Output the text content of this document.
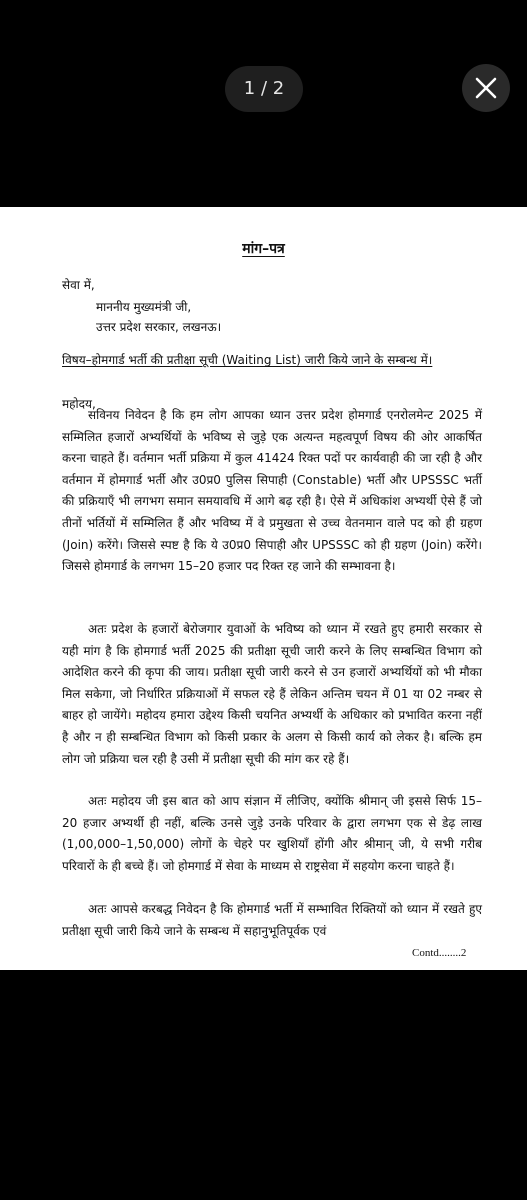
1 / 2
मांग–पत्र
सेवा में,
माननीय मुख्यमंत्री जी,
उत्तर प्रदेश सरकार, लखनऊ।
विषय–होमगार्ड भर्ती की प्रतीक्षा सूची (Waiting List) जारी किये जाने के सम्बन्ध में।
महोदय,

सविनय निवेदन है कि हम लोग आपका ध्यान उत्तर प्रदेश होमगार्ड एनरोलमेन्ट 2025 में सम्मिलित हजारों अभ्यर्थियों के भविष्य से जुड़े एक अत्यन्त महत्वपूर्ण विषय की ओर आकर्षित करना चाहते हैं। वर्तमान भर्ती प्रक्रिया में कुल 41424 रिक्त पदों पर कार्यवाही की जा रही है और वर्तमान में होमगार्ड भर्ती और उ0प्र0 पुलिस सिपाही (Constable) भर्ती और UPSSSC भर्ती की प्रक्रियाएँ भी लगभग समान समयावधि में आगे बढ़ रही है। ऐसे में अधिकांश अभ्यर्थी ऐसे हैं जो तीनों भर्तियों में सम्मिलित हैं और भविष्य में वे प्रमुखता से उच्च वेतनमान वाले पद को ही ग्रहण (Join) करेंगे। जिससे स्पष्ट है कि ये उ0प्र0 सिपाही और UPSSSC को ही ग्रहण (Join) करेंगे। जिससे होमगार्ड के लगभग 15–20 हजार पद रिक्त रह जाने की सम्भावना है।

अतः प्रदेश के हजारों बेरोजगार युवाओं के भविष्य को ध्यान में रखते हुए हमारी सरकार से यही मांग है कि होमगार्ड भर्ती 2025 की प्रतीक्षा सूची जारी करने के लिए सम्बन्धित विभाग को आदेशित करने की कृपा की जाय। प्रतीक्षा सूची जारी करने से उन हजारों अभ्यर्थियों को भी मौका मिल सकेगा, जो निर्धारित प्रक्रियाओं में सफल रहे हैं लेकिन अन्तिम चयन में 01 या 02 नम्बर से बाहर हो जायेंगे। महोदय हमारा उद्देश्य किसी चयनित अभ्यर्थी के अधिकार को प्रभावित करना नहीं है और न ही सम्बन्धित विभाग को किसी प्रकार के अलग से किसी कार्य को लेकर है। बल्कि हम लोग जो प्रक्रिया चल रही है उसी में प्रतीक्षा सूची की मांग कर रहे हैं।

अतः महोदय जी इस बात को आप संज्ञान में लीजिए, क्योंकि श्रीमान् जी इससे सिर्फ 15–20 हजार अभ्यर्थी ही नहीं, बल्कि उनसे जुड़े उनके परिवार के द्वारा लगभग एक से डेढ़ लाख (1,00,000–1,50,000) लोगों के चेहरे पर खुशियाँ होंगी और श्रीमान् जी, ये सभी गरीब परिवारों के ही बच्चे हैं। जो होमगार्ड में सेवा के माध्यम से राष्ट्रसेवा में सहयोग करना चाहते हैं।

अतः आपसे करबद्ध निवेदन है कि होमगार्ड भर्ती में सम्भावित रिक्तियों को ध्यान में रखते हुए प्रतीक्षा सूची जारी किये जाने के सम्बन्ध में सहानुभूतिपूर्वक एवं

Contd........2
